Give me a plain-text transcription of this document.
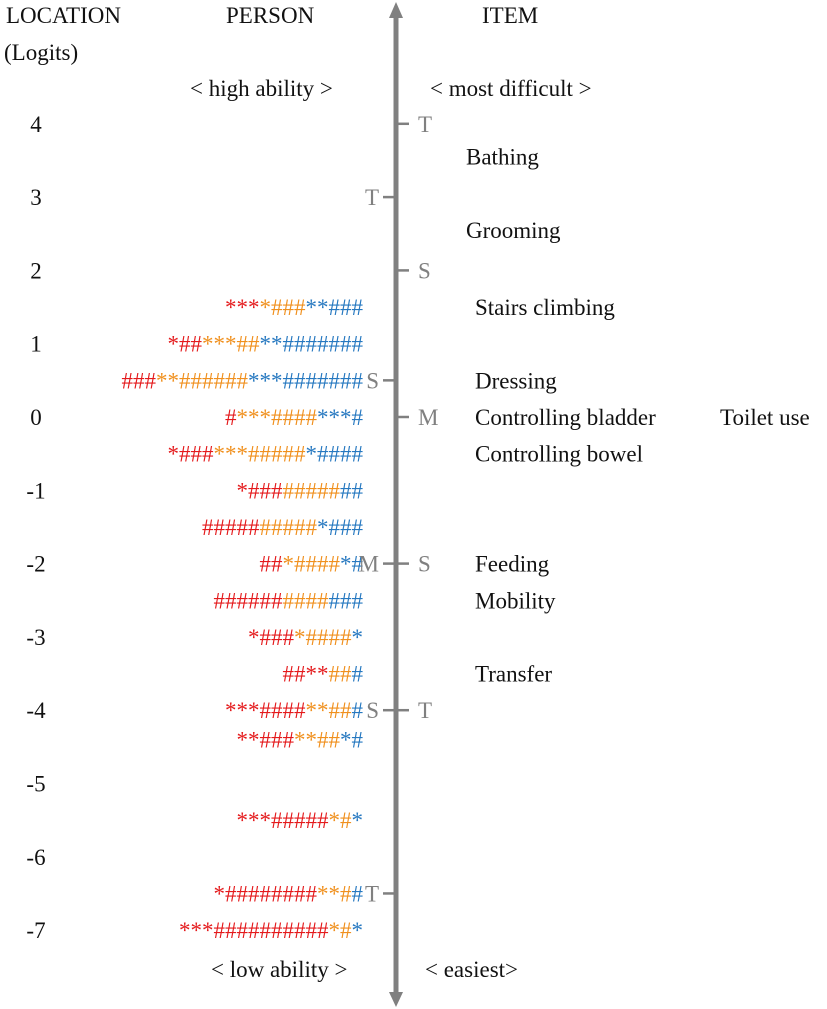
LOCATION
(Logits)
PERSON	ITEM
< high ability >	< most difficult >
< low ability >	< easiest>
4
3
2
1
0
-1
-2
-3
-4
-5
-6
-7
****###**###
*##***##**#######
###**######***#######
#***####***#
*###***#####*####
*##########
##########*###
##*####*#
#############
*###*####*
##**###
***####**###
**###**##*#
***#####*#*
*########**##
***##########*#*
T
S
M
S
T
T
S
M
S
T
Bathing
Grooming
Stairs climbing
Dressing
Controlling bladder	Toilet use
Controlling bowel
Feeding
Mobility
Transfer
